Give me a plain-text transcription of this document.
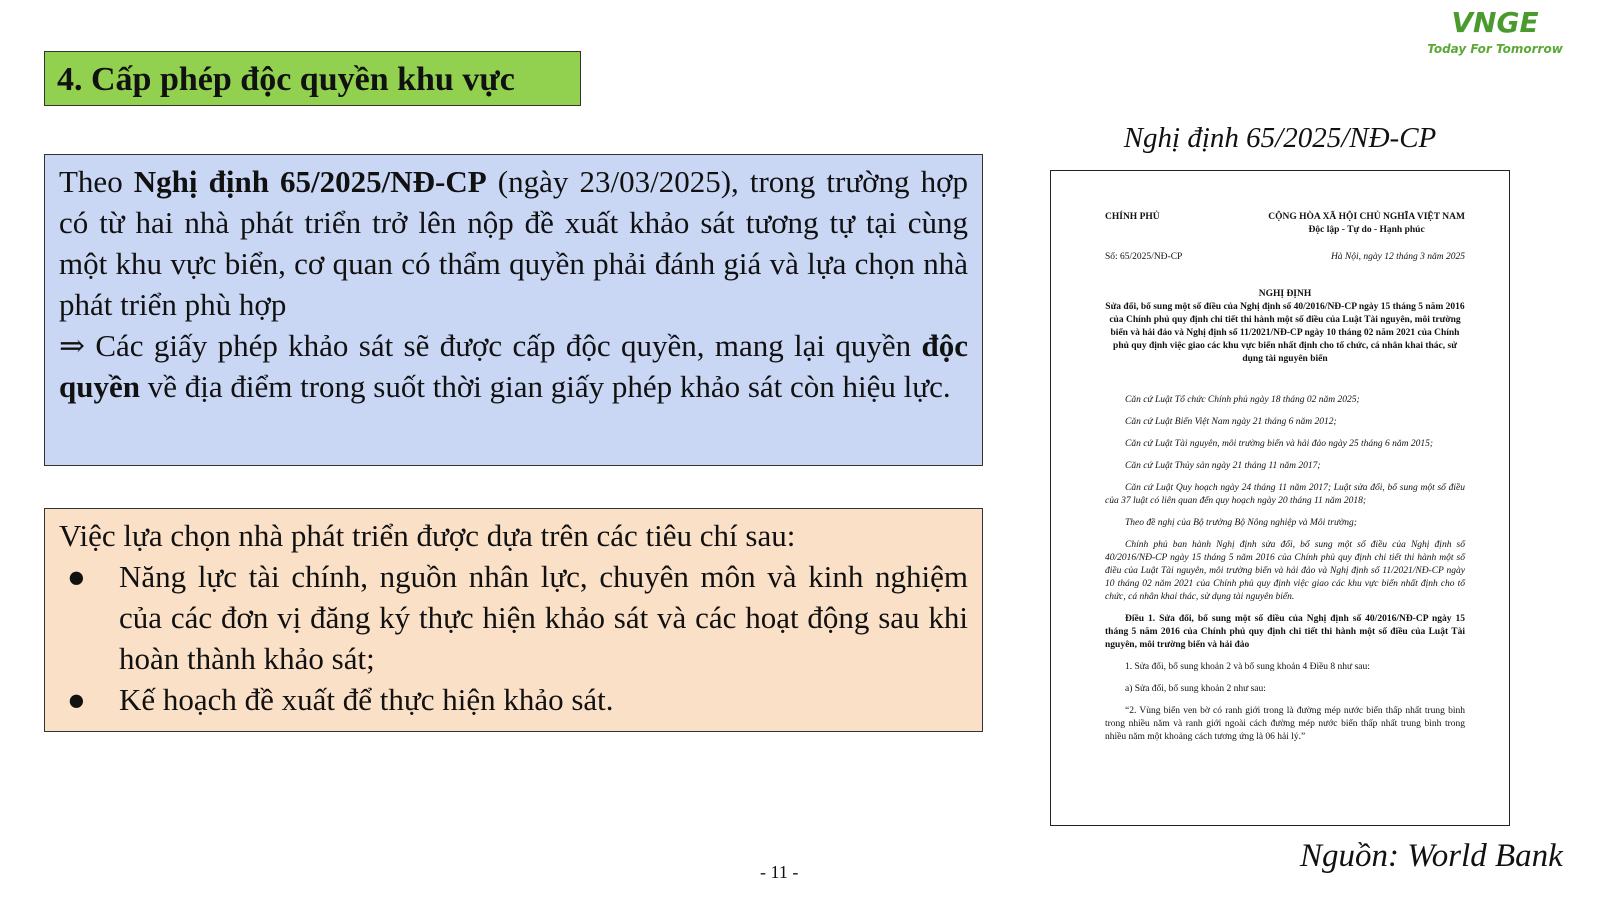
VNGE
Today For Tomorrow
4. Cấp phép độc quyền khu vực

Theo Nghị định 65/2025/NĐ-CP (ngày 23/03/2025), trong trường hợp có từ hai nhà phát triển trở lên nộp đề xuất khảo sát tương tự tại cùng một khu vực biển, cơ quan có thẩm quyền phải đánh giá và lựa chọn nhà phát triển phù hợp

⇒ Các giấy phép khảo sát sẽ được cấp độc quyền, mang lại quyền độc quyền về địa điểm trong suốt thời gian giấy phép khảo sát còn hiệu lực.

Việc lựa chọn nhà phát triển được dựa trên các tiêu chí sau:

● Năng lực tài chính, nguồn nhân lực, chuyên môn và kinh nghiệm của các đơn vị đăng ký thực hiện khảo sát và các hoạt động sau khi hoàn thành khảo sát;
● Kế hoạch đề xuất để thực hiện khảo sát.
Nghị định 65/2025/NĐ-CP
CHÍNH PHỦ	CỘNG HÒA XÃ HỘI CHỦ NGHĨA VIỆT NAM
Độc lập - Tự do - Hạnh phúc
Số: 65/2025/NĐ-CP	Hà Nội, ngày 12 tháng 3 năm 2025
NGHỊ ĐỊNH
Sửa đổi, bổ sung một số điều của Nghị định số 40/2016/NĐ-CP ngày 15 tháng 5 năm 2016 của Chính phủ quy định chi tiết thi hành một số điều của Luật Tài nguyên, môi trường biển và hải đảo và Nghị định số 11/2021/NĐ-CP ngày 10 tháng 02 năm 2021 của Chính phủ quy định việc giao các khu vực biển nhất định cho tổ chức, cá nhân khai thác, sử dụng tài nguyên biển

Căn cứ Luật Tổ chức Chính phủ ngày 18 tháng 02 năm 2025;

Căn cứ Luật Biển Việt Nam ngày 21 tháng 6 năm 2012;

Căn cứ Luật Tài nguyên, môi trường biển và hải đảo ngày 25 tháng 6 năm 2015;

Căn cứ Luật Thủy sản ngày 21 tháng 11 năm 2017;

Căn cứ Luật Quy hoạch ngày 24 tháng 11 năm 2017; Luật sửa đổi, bổ sung một số điều của 37 luật có liên quan đến quy hoạch ngày 20 tháng 11 năm 2018;

Theo đề nghị của Bộ trưởng Bộ Nông nghiệp và Môi trường;

Chính phủ ban hành Nghị định sửa đổi, bổ sung một số điều của Nghị định số 40/2016/NĐ-CP ngày 15 tháng 5 năm 2016 của Chính phủ quy định chi tiết thi hành một số điều của Luật Tài nguyên, môi trường biển và hải đảo và Nghị định số 11/2021/NĐ-CP ngày 10 tháng 02 năm 2021 của Chính phủ quy định việc giao các khu vực biển nhất định cho tổ chức, cá nhân khai thác, sử dụng tài nguyên biển.

Điều 1. Sửa đổi, bổ sung một số điều của Nghị định số 40/2016/NĐ-CP ngày 15 tháng 5 năm 2016 của Chính phủ quy định chi tiết thi hành một số điều của Luật Tài nguyên, môi trường biển và hải đảo

1. Sửa đổi, bổ sung khoản 2 và bổ sung khoản 4 Điều 8 như sau:

a) Sửa đổi, bổ sung khoản 2 như sau:

“2. Vùng biển ven bờ có ranh giới trong là đường mép nước biển thấp nhất trung bình trong nhiều năm và ranh giới ngoài cách đường mép nước biển thấp nhất trung bình trong nhiều năm một khoảng cách tương ứng là 06 hải lý.”

- 11 -	Nguồn: World Bank
